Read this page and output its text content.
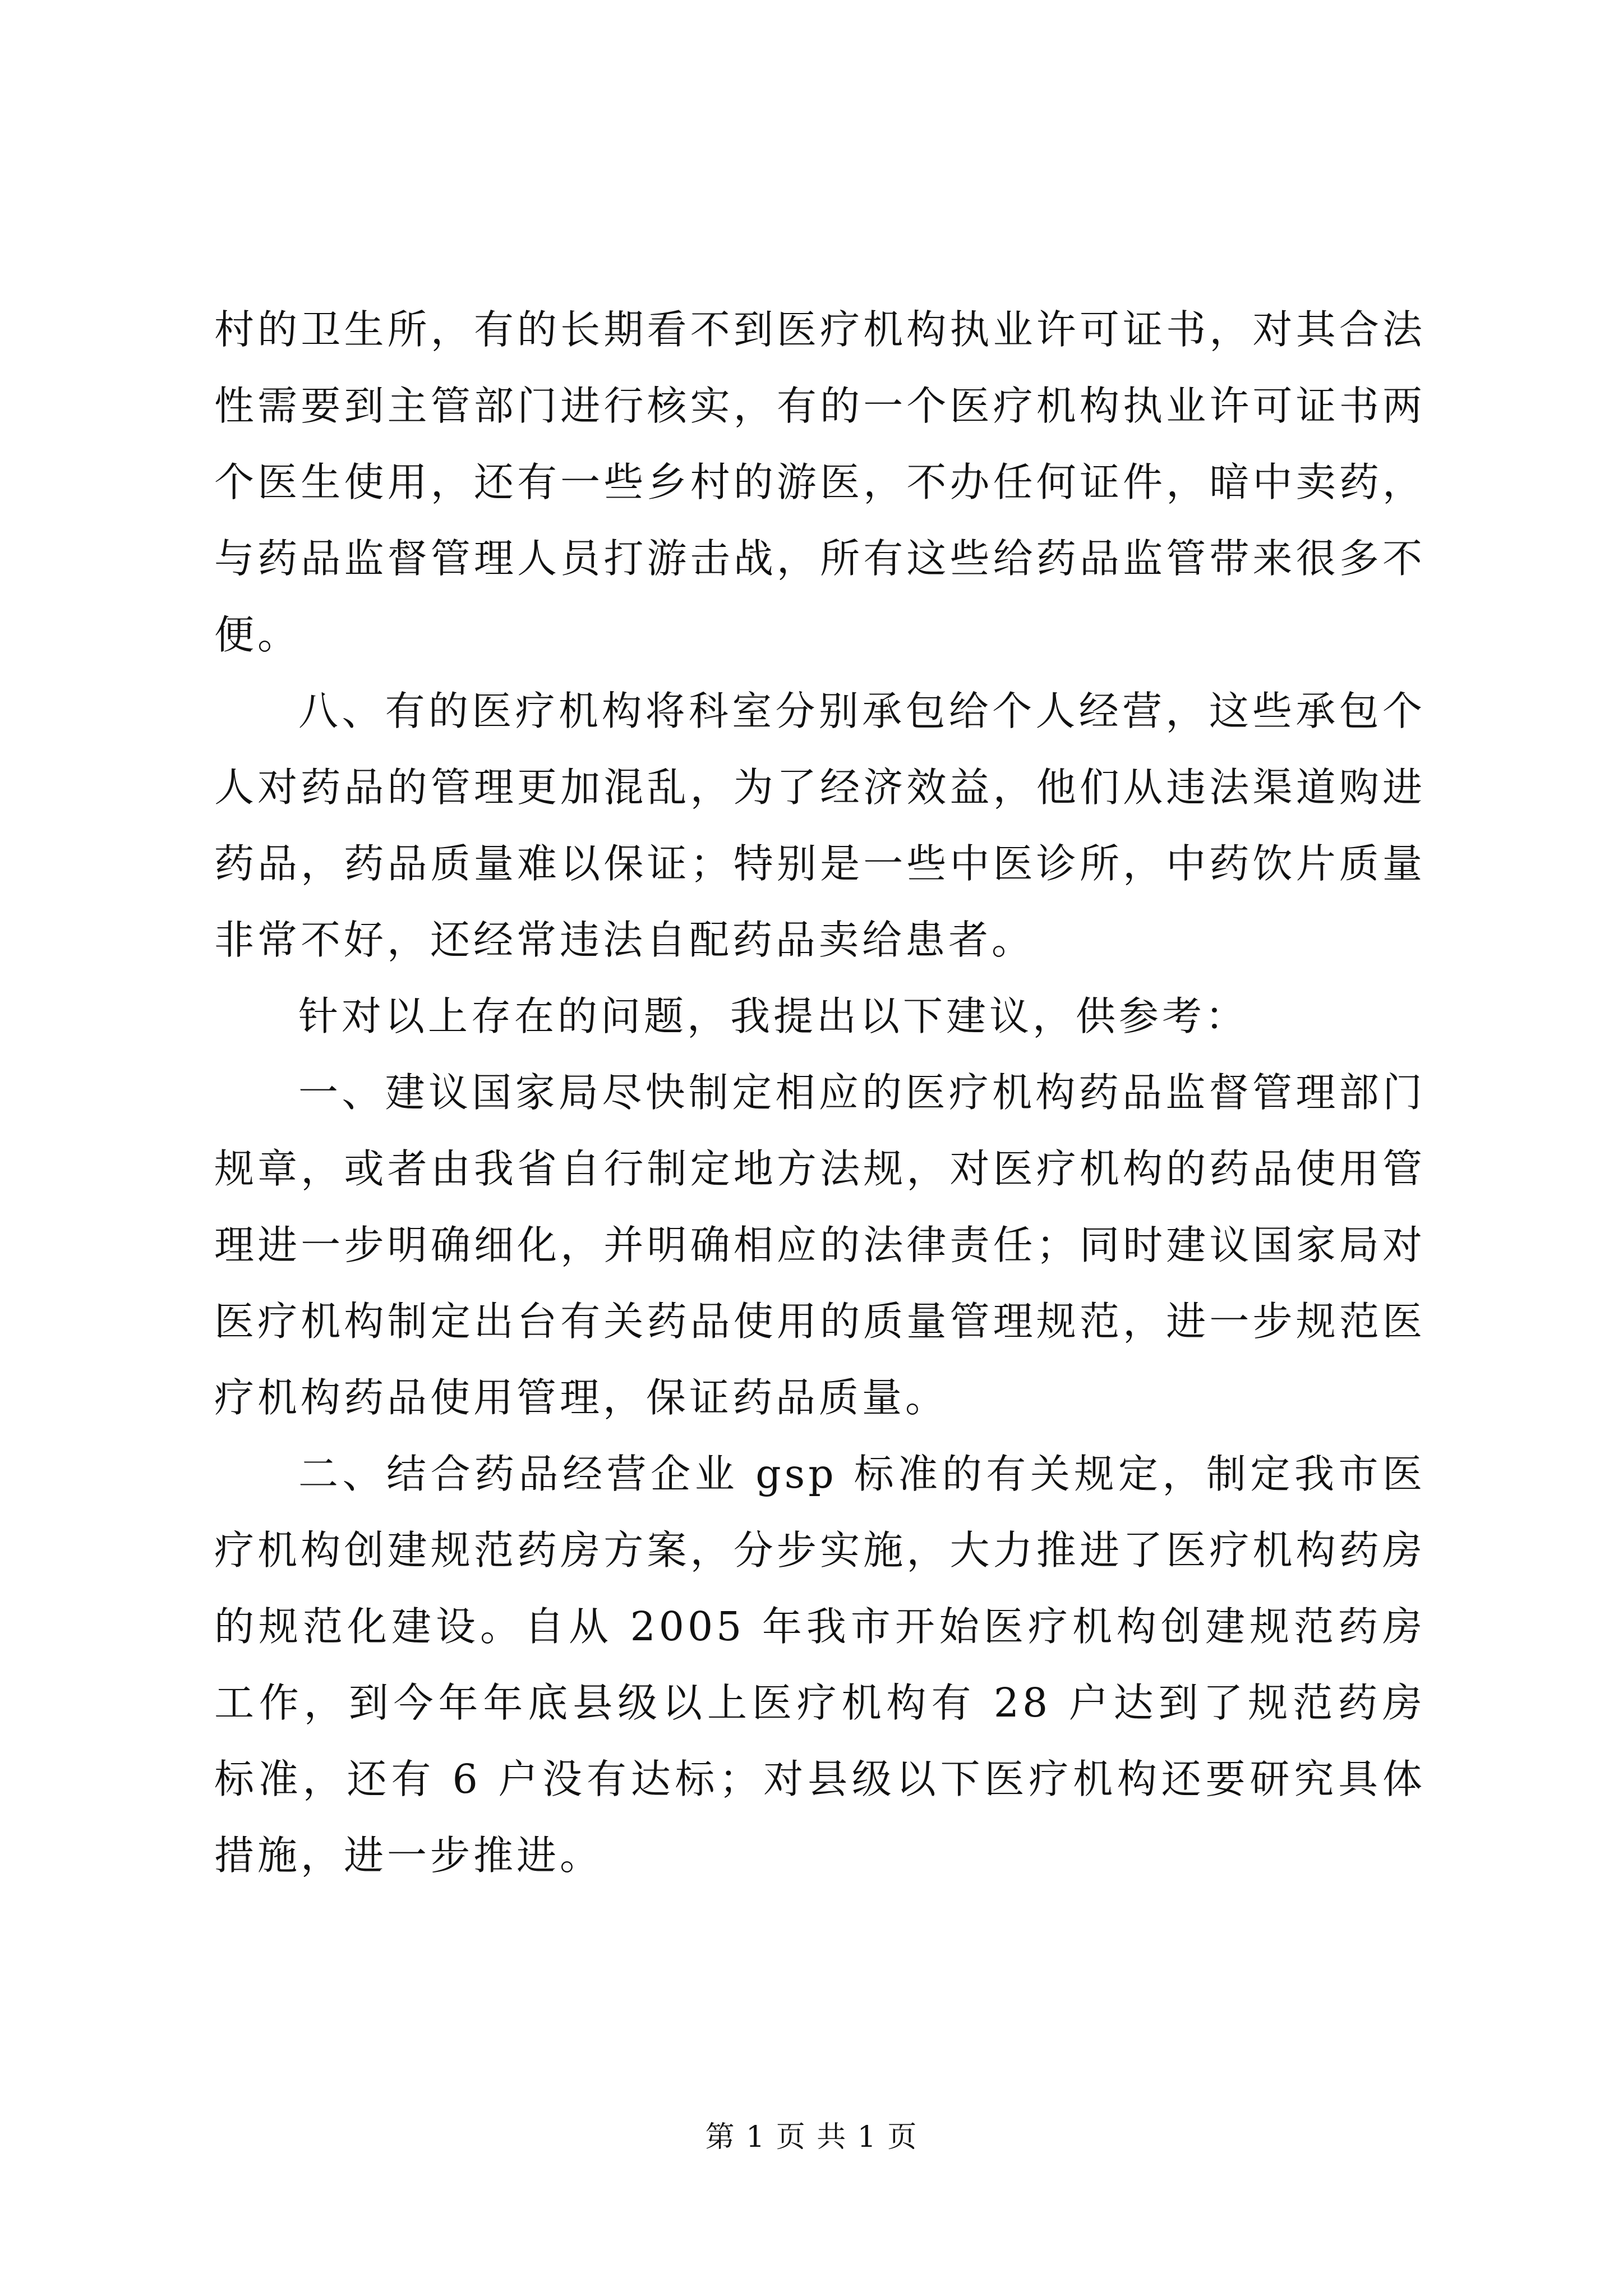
村的卫生所，有的长期看不到医疗机构执业许可证书，对其合法性需要到主管部门进行核实，有的一个医疗机构执业许可证书两个医生使用，还有一些乡村的游医，不办任何证件，暗中卖药，与药品监督管理人员打游击战，所有这些给药品监管带来很多不便。

八、有的医疗机构将科室分别承包给个人经营，这些承包个人对药品的管理更加混乱，为了经济效益，他们从违法渠道购进药品，药品质量难以保证；特别是一些中医诊所，中药饮片质量非常不好，还经常违法自配药品卖给患者。

针对以上存在的问题，我提出以下建议，供参考：

一、建议国家局尽快制定相应的医疗机构药品监督管理部门规章，或者由我省自行制定地方法规，对医疗机构的药品使用管理进一步明确细化，并明确相应的法律责任；同时建议国家局对医疗机构制定出台有关药品使用的质量管理规范，进一步规范医疗机构药品使用管理，保证药品质量。

二、结合药品经营企业 gsp 标准的有关规定，制定我市医疗机构创建规范药房方案，分步实施，大力推进了医疗机构药房的规范化建设。自从 2005 年我市开始医疗机构创建规范药房工作，到今年年底县级以上医疗机构有 28 户达到了规范药房标准，还有 6 户没有达标；对县级以下医疗机构还要研究具体措施，进一步推进。

第 1 页 共 1 页
